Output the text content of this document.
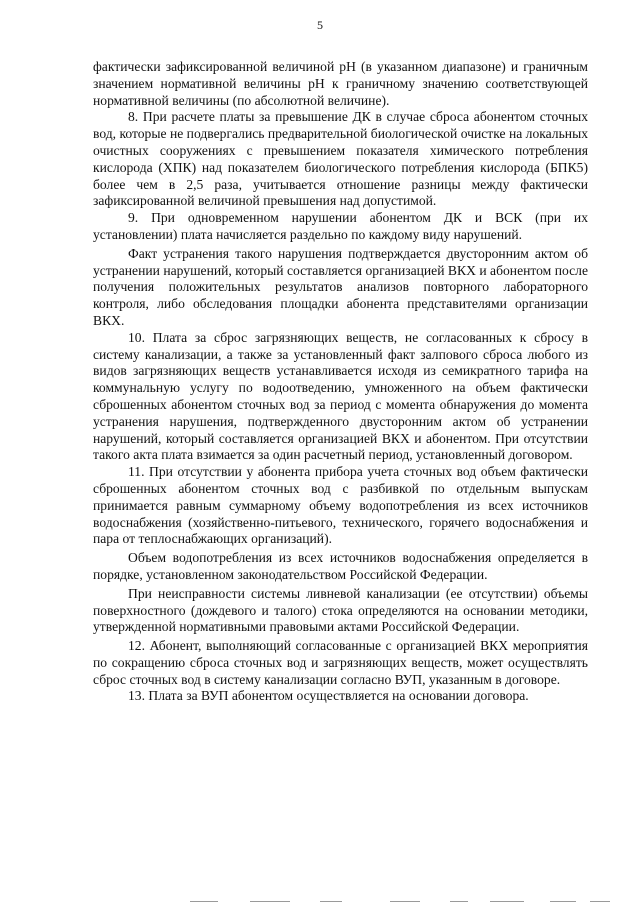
5

фактически зафиксированной величиной pH (в указанном диапазоне) и граничным значением нормативной величины pH к граничному значению соответствующей нормативной величины (по абсолютной величине).

8. При расчете платы за превышение ДК в случае сброса абонентом сточных вод, которые не подвергались предварительной биологической очистке на локальных очистных сооружениях с превышением показателя химического потребления кислорода (ХПК) над показателем биологического потребления кислорода (БПК5) более чем в 2,5 раза, учитывается отношение разницы между фактически зафиксированной величиной превышения над допустимой.

9. При одновременном нарушении абонентом ДК и ВСК (при их установлении) плата начисляется раздельно по каждому виду нарушений.

Факт устранения такого нарушения подтверждается двусторонним актом об устранении нарушений, который составляется организацией ВКХ и абонентом после получения положительных результатов анализов повторного лабораторного контроля, либо обследования площадки абонента представителями организации ВКХ.

10. Плата за сброс загрязняющих веществ, не согласованных к сбросу в систему канализации, а также за установленный факт залпового сброса любого из видов загрязняющих веществ устанавливается исходя из семикратного тарифа на коммунальную услугу по водоотведению, умноженного на объем фактически сброшенных абонентом сточных вод за период с момента обнаружения до момента устранения нарушения, подтвержденного двусторонним актом об устранении нарушений, который составляется организацией ВКХ и абонентом. При отсутствии такого акта плата взимается за один расчетный период, установленный договором.

11. При отсутствии у абонента прибора учета сточных вод объем фактически сброшенных абонентом сточных вод с разбивкой по отдельным выпускам принимается равным суммарному объему водопотребления из всех источников водоснабжения (хозяйственно-питьевого, технического, горячего водоснабжения и пара от теплоснабжающих организаций).

Объем водопотребления из всех источников водоснабжения определяется в порядке, установленном законодательством Российской Федерации.

При неисправности системы ливневой канализации (ее отсутствии) объемы поверхностного (дождевого и талого) стока определяются на основании методики, утвержденной нормативными правовыми актами Российской Федерации.

12. Абонент, выполняющий согласованные с организацией ВКХ мероприятия по сокращению сброса сточных вод и загрязняющих веществ, может осуществлять сброс сточных вод в систему канализации согласно ВУП, указанным в договоре.

13. Плата за ВУП абонентом осуществляется на основании договора.
